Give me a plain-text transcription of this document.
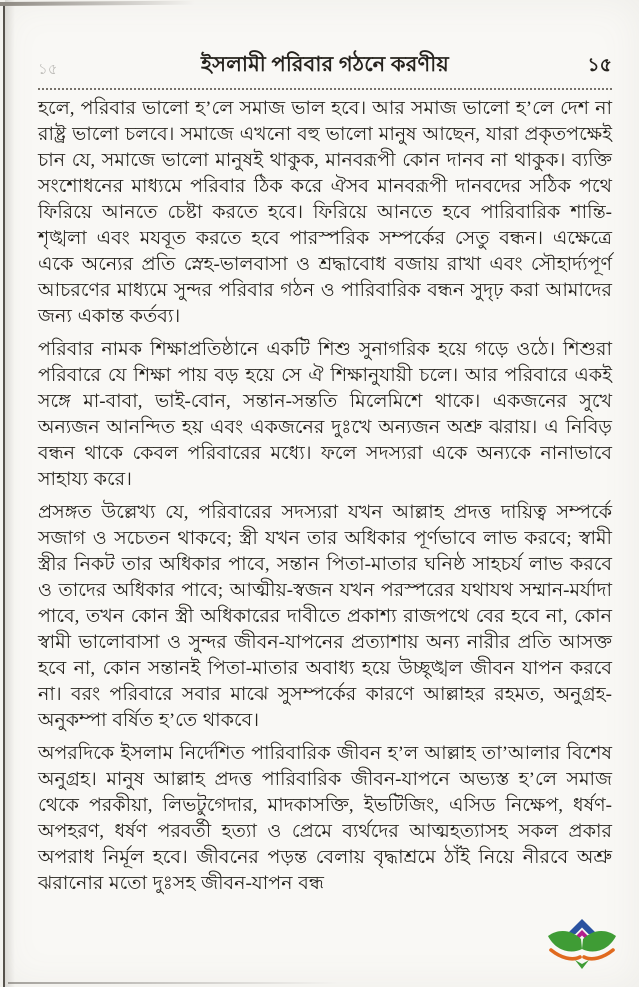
১৫	ইসলামী পরিবার গঠনে করণীয়	১৫

হলে, পরিবার ভালো হ’লে সমাজ ভাল হবে। আর সমাজ ভালো হ’লে দেশ না রাষ্ট্র ভালো চলবে। সমাজে এখনো বহু ভালো মানুষ আছেন, যারা প্রকৃতপক্ষেই চান যে, সমাজে ভালো মানুষই থাকুক, মানবরূপী কোন দানব না থাকুক। ব্যক্তি সংশোধনের মাধ্যমে পরিবার ঠিক করে ঐসব মানবরূপী দানবদের সঠিক পথে ফিরিয়ে আনতে চেষ্টা করতে হবে। ফিরিয়ে আনতে হবে পারিবারিক শান্তি-শৃঙ্খলা এবং মযবূত করতে হবে পারস্পরিক সম্পর্কের সেতু বন্ধন। এক্ষেত্রে একে অন্যের প্রতি স্নেহ-ভালবাসা ও শ্রদ্ধাবোধ বজায় রাখা এবং সৌহার্দ্যপূর্ণ আচরণের মাধ্যমে সুন্দর পরিবার গঠন ও পারিবারিক বন্ধন সুদৃঢ় করা আমাদের জন্য একান্ত কর্তব্য।

পরিবার নামক শিক্ষাপ্রতিষ্ঠানে একটি শিশু সুনাগরিক হয়ে গড়ে ওঠে। শিশুরা পরিবারে যে শিক্ষা পায় বড় হয়ে সে ঐ শিক্ষানুযায়ী চলে। আর পরিবারে একই সঙ্গে মা-বাবা, ভাই-বোন, সন্তান-সন্ততি মিলেমিশে থাকে। একজনের সুখে অন্যজন আনন্দিত হয় এবং একজনের দুঃখে অন্যজন অশ্রু ঝরায়। এ নিবিড় বন্ধন থাকে কেবল পরিবারের মধ্যে। ফলে সদস্যরা একে অন্যকে নানাভাবে সাহায্য করে।

প্রসঙ্গত উল্লেখ্য যে, পরিবারের সদস্যরা যখন আল্লাহ প্রদত্ত দায়িত্ব সম্পর্কে সজাগ ও সচেতন থাকবে; স্ত্রী যখন তার অধিকার পূর্ণভাবে লাভ করবে; স্বামী স্ত্রীর নিকট তার অধিকার পাবে, সন্তান পিতা-মাতার ঘনিষ্ঠ সাহচর্য লাভ করবে ও তাদের অধিকার পাবে; আত্মীয়-স্বজন যখন পরস্পরের যথাযথ সম্মান-মর্যাদা পাবে, তখন কোন স্ত্রী অধিকারের দাবীতে প্রকাশ্য রাজপথে বের হবে না, কোন স্বামী ভালোবাসা ও সুন্দর জীবন-যাপনের প্রত্যাশায় অন্য নারীর প্রতি আসক্ত হবে না, কোন সন্তানই পিতা-মাতার অবাধ্য হয়ে উচ্ছৃঙ্খল জীবন যাপন করবে না। বরং পরিবারে সবার মাঝে সুসম্পর্কের কারণে আল্লাহর রহমত, অনুগ্রহ-অনুকম্পা বর্ষিত হ’তে থাকবে।

অপরদিকে ইসলাম নির্দেশিত পারিবারিক জীবন হ’ল আল্লাহ তা’আলার বিশেষ অনুগ্রহ। মানুষ আল্লাহ প্রদত্ত পারিবারিক জীবন-যাপনে অভ্যস্ত হ’লে সমাজ থেকে পরকীয়া, লিভটুগেদার, মাদকাসক্তি, ইভটিজিং, এসিড নিক্ষেপ, ধর্ষণ-অপহরণ, ধর্ষণ পরবর্তী হত্যা ও প্রেমে ব্যর্থদের আত্মহত্যাসহ সকল প্রকার অপরাধ নির্মূল হবে। জীবনের পড়ন্ত বেলায় বৃদ্ধাশ্রমে ঠাঁই নিয়ে নীরবে অশ্রু ঝরানোর মতো দুঃসহ জীবন-যাপন বন্ধ
